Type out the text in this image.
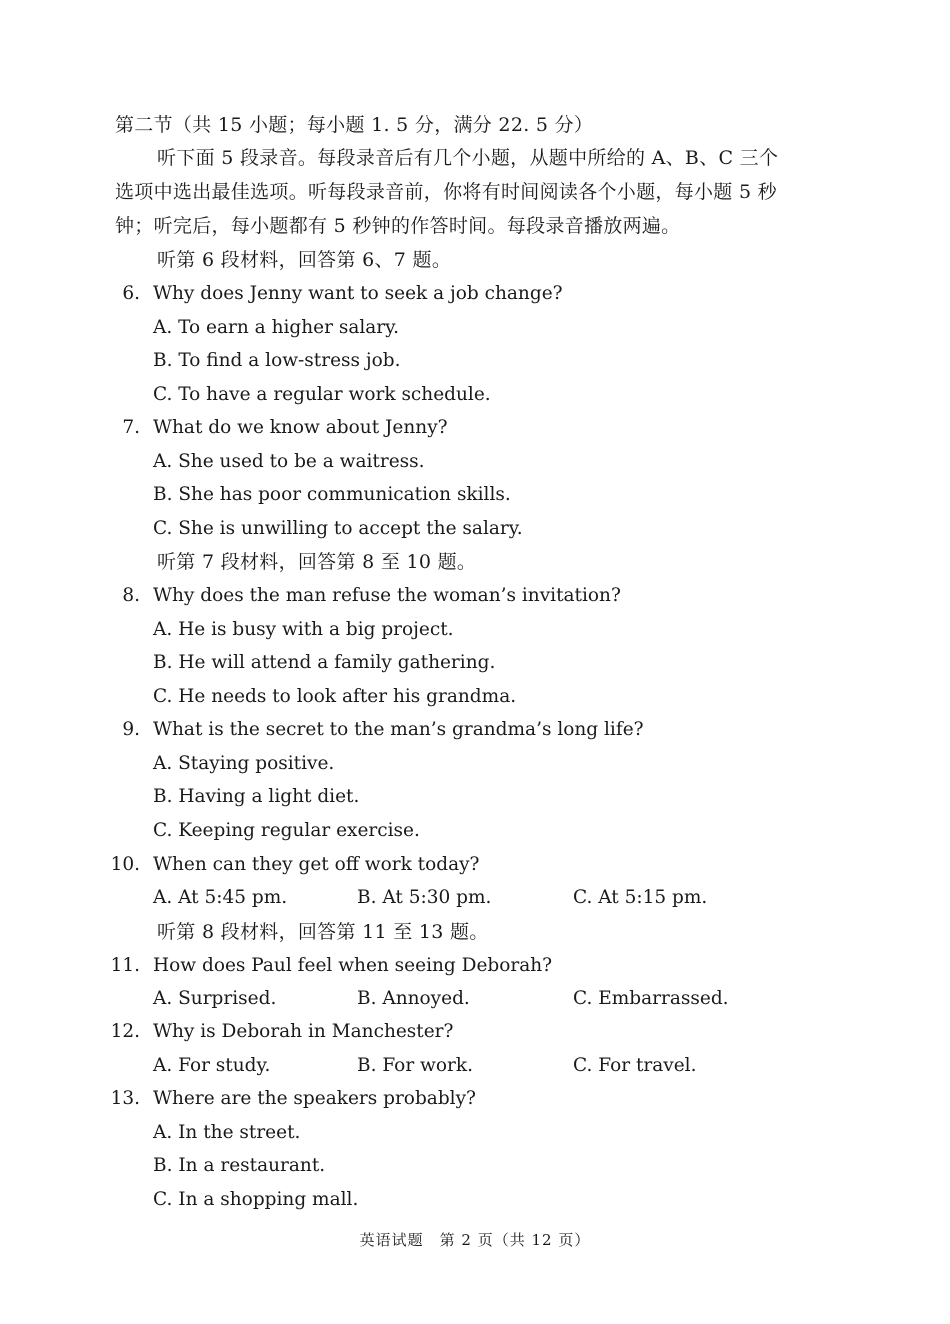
第二节（共 15 小题；每小题 1. 5 分，满分 22. 5 分）
听下面 5 段录音。每段录音后有几个小题，从题中所给的 A、B、C 三个
选项中选出最佳选项。听每段录音前，你将有时间阅读各个小题，每小题 5 秒
钟；听完后，每小题都有 5 秒钟的作答时间。每段录音播放两遍。
听第 6 段材料，回答第 6、7 题。
6. Why does Jenny want to seek a job change?
A. To earn a higher salary.
B. To find a low-stress job.
C. To have a regular work schedule.
7. What do we know about Jenny?
A. She used to be a waitress.
B. She has poor communication skills.
C. She is unwilling to accept the salary.
听第 7 段材料，回答第 8 至 10 题。
8. Why does the man refuse the woman’s invitation?
A. He is busy with a big project.
B. He will attend a family gathering.
C. He needs to look after his grandma.
9. What is the secret to the man’s grandma’s long life?
A. Staying positive.
B. Having a light diet.
C. Keeping regular exercise.
10. When can they get off work today?
A. At 5:45 pm.	B. At 5:30 pm.	C. At 5:15 pm.
听第 8 段材料，回答第 11 至 13 题。
11. How does Paul feel when seeing Deborah?
A. Surprised.	B. Annoyed.	C. Embarrassed.
12. Why is Deborah in Manchester?
A. For study.	B. For work.	C. For travel.
13. Where are the speakers probably?
A. In the street.
B. In a restaurant.
C. In a shopping mall.
英语试题　第 2 页（共 12 页）
